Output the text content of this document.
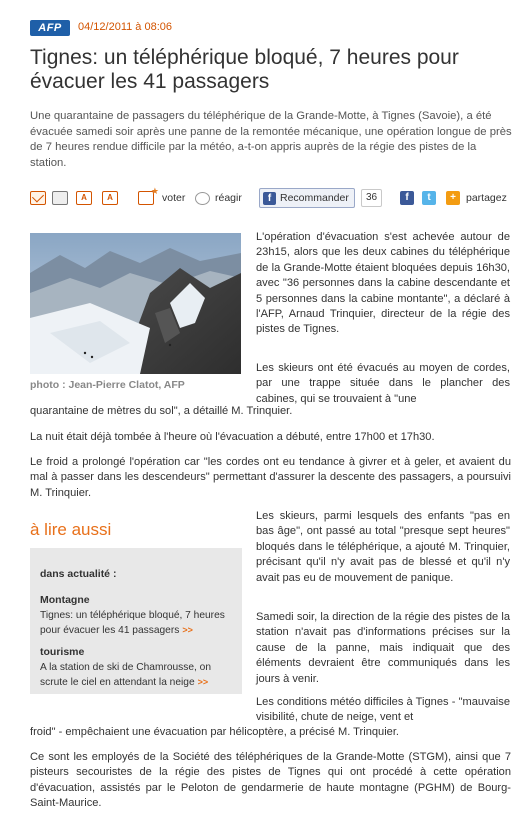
AFP	04/12/2011 à 08:06
Tignes: un téléphérique bloqué, 7 heures pour évacuer les 41 passagers

Une quarantaine de passagers du téléphérique de la Grande-Motte, à Tignes (Savoie), a été évacuée samedi soir après une panne de la remontée mécanique, une opération longue de près de 7 heures rendue difficile par la météo, a-t-on appris auprès de la régie des pistes de la station.

A	A
★	voter	réagir	f Recommander	36	f	t	+ partagez
photo : Jean-Pierre Clatot, AFP

L'opération d'évacuation s'est achevée autour de 23h15, alors que les deux cabines du téléphérique de la Grande-Motte étaient bloquées depuis 16h30, avec "36 personnes dans la cabine descendante et 5 personnes dans la cabine montante", a déclaré à l'AFP, Arnaud Trinquier, directeur de la régie des pistes de Tignes.

Les skieurs ont été évacués au moyen de cordes, par une trappe située dans le plancher des cabines, qui se trouvaient à "une

quarantaine de mètres du sol", a détaillé M. Trinquier.

La nuit était déjà tombée à l'heure où l'évacuation a débuté, entre 17h00 et 17h30.

Le froid a prolongé l'opération car "les cordes ont eu tendance à givrer et à geler, et avaient du mal à passer dans les descendeurs" permettant d'assurer la descente des passagers, a poursuivi M. Trinquier.

à lire aussi
dans actualité :
Montagne
Tignes: un téléphérique bloqué, 7 heures pour évacuer les 41 passagers >>
tourisme
A la station de ski de Chamrousse, on scrute le ciel en attendant la neige >>

Les skieurs, parmi lesquels des enfants "pas en bas âge", ont passé au total "presque sept heures" bloqués dans le téléphérique, a ajouté M. Trinquier, précisant qu'il n'y avait pas de blessé et qu'il n'y avait pas eu de mouvement de panique.

Samedi soir, la direction de la régie des pistes de la station n'avait pas d'informations précises sur la cause de la panne, mais indiquait que des éléments devraient être communiqués dans les jours à venir.

Les conditions météo difficiles à Tignes - "mauvaise visibilité, chute de neige, vent et

froid" - empêchaient une évacuation par hélicoptère, a précisé M. Trinquier.

Ce sont les employés de la Société des téléphériques de la Grande-Motte (STGM), ainsi que 7 pisteurs secouristes de la régie des pistes de Tignes qui ont procédé à cette opération d'évacuation, assistés par le Peloton de gendarmerie de haute montagne (PGHM) de Bourg-Saint-Maurice.
